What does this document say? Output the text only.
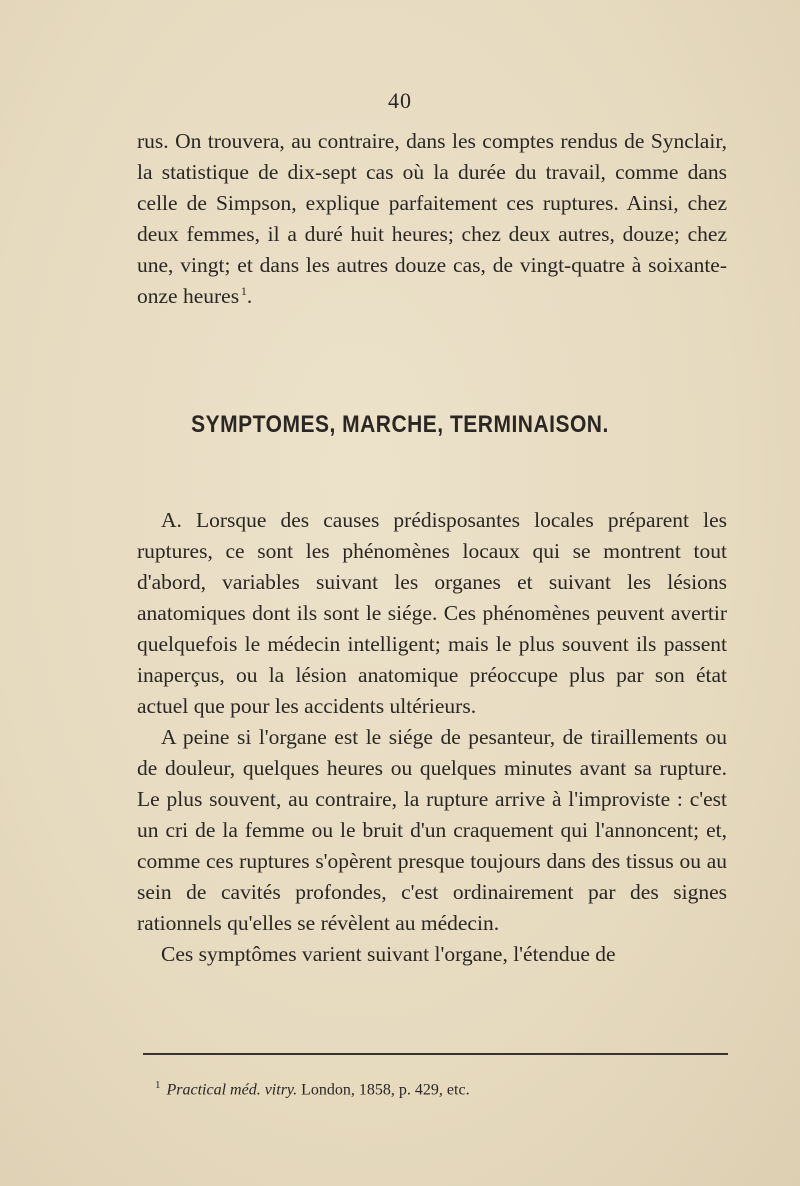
40

rus. On trouvera, au contraire, dans les comptes rendus de Synclair, la statistique de dix-sept cas où la durée du travail, comme dans celle de Simpson, explique parfaitement ces ruptures. Ainsi, chez deux femmes, il a duré huit heures; chez deux autres, douze; chez une, vingt; et dans les autres douze cas, de vingt-quatre à soixante-onze heures  $^1$.

SYMPTOMES, MARCHE, TERMINAISON.

A. Lorsque des causes prédisposantes locales préparent les ruptures, ce sont les phénomènes locaux qui se montrent tout d'abord, variables suivant les organes et suivant les lésions anatomiques dont ils sont le siége. Ces phénomènes peuvent avertir quelquefois le médecin intelligent; mais le plus souvent ils passent inaperçus, ou la lésion anatomique préoccupe plus par son état actuel que pour les accidents ultérieurs.

A peine si l'organe est le siége de pesanteur, de tiraillements ou de douleur, quelques heures ou quelques minutes avant sa rupture. Le plus souvent, au contraire, la rupture arrive à l'improviste : c'est un cri de la femme ou le bruit d'un craquement qui l'annoncent; et, comme ces ruptures s'opèrent presque toujours dans des tissus ou au sein de cavités profondes, c'est ordinairement par des signes rationnels qu'elles se révèlent au médecin.

Ces symptômes varient suivant l'organe, l'étendue de

$^1$ Practical méd. vitry. London, 1858, p. 429, etc.
